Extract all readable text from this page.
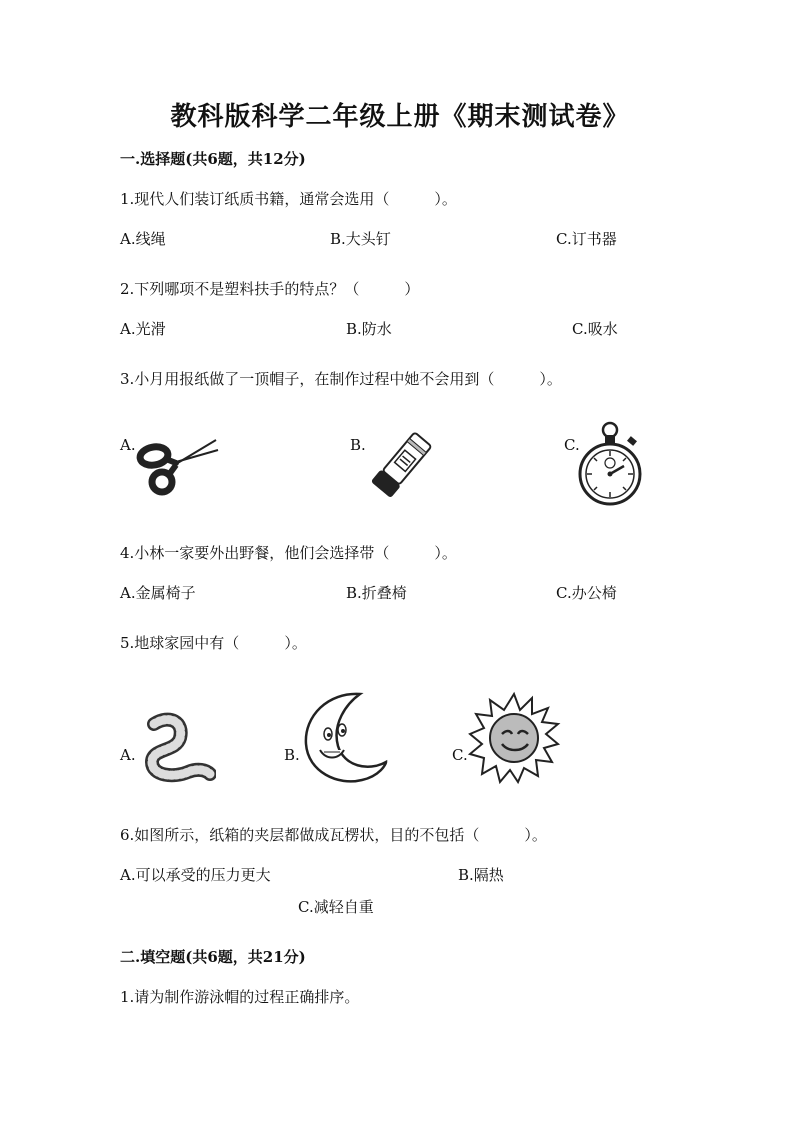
教科版科学二年级上册《期末测试卷》
一.选择题(共6题，共12分)
1.现代人们装订纸质书籍，通常会选用（　　　）。
A.线绳	B.大头钉	C.订书器
2.下列哪项不是塑料扶手的特点？（　　　）
A.光滑	B.防水	C.吸水
3.小月用报纸做了一顶帽子，在制作过程中她不会用到（　　　）。
A.	B.	C.
4.小林一家要外出野餐，他们会选择带（　　　）。
A.金属椅子	B.折叠椅	C.办公椅
5.地球家园中有（　　　）。
A.	B.	C.
6.如图所示，纸箱的夹层都做成瓦楞状，目的不包括（　　　）。
A.可以承受的压力更大	B.隔热
C.减轻自重
二.填空题(共6题，共21分)
1.请为制作游泳帽的过程正确排序。
